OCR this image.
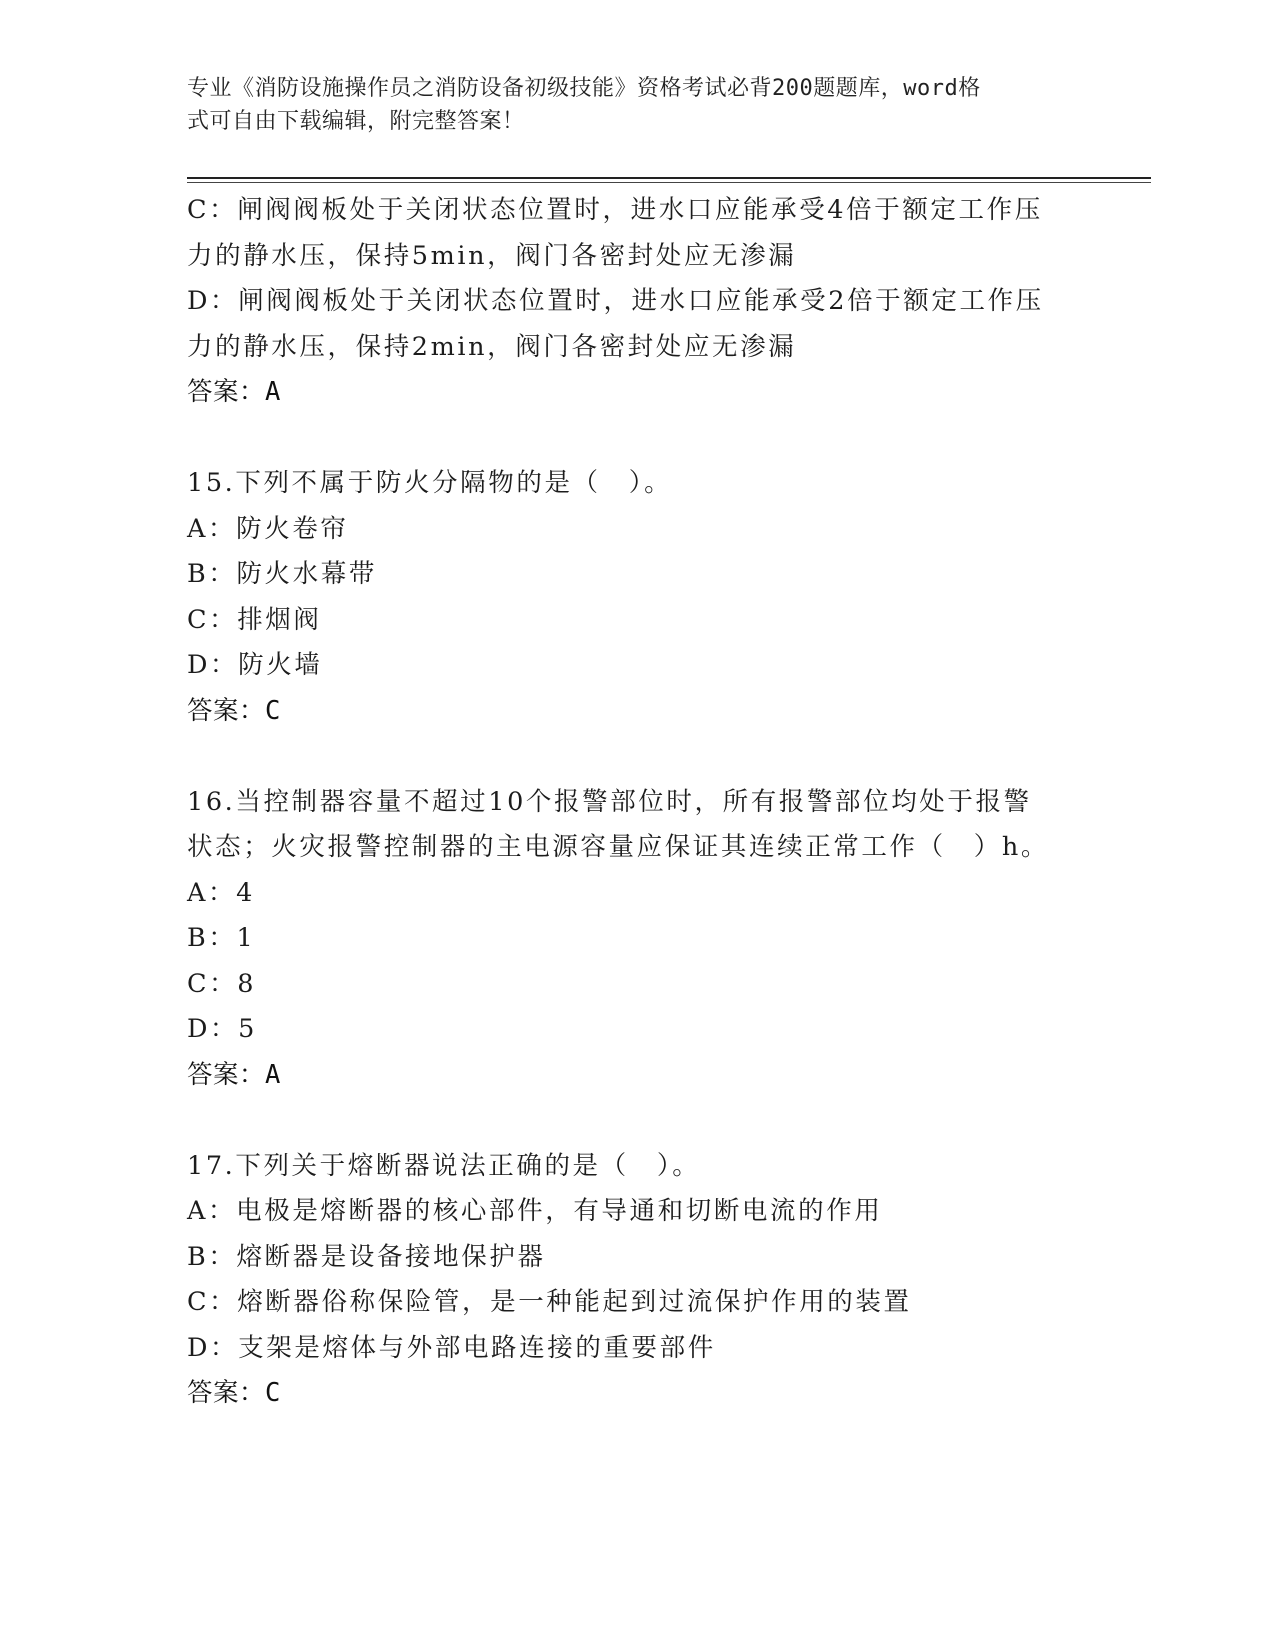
专业《消防设施操作员之消防设备初级技能》资格考试必背200题题库，word格
式可自由下载编辑，附完整答案！
C：闸阀阀板处于关闭状态位置时，进水口应能承受4倍于额定工作压
力的静水压，保持5min，阀门各密封处应无渗漏
D：闸阀阀板处于关闭状态位置时，进水口应能承受2倍于额定工作压
力的静水压，保持2min，阀门各密封处应无渗漏
答案：A
15.下列不属于防火分隔物的是（　）。
A：防火卷帘
B：防火水幕带
C：排烟阀
D：防火墙
答案：C
16.当控制器容量不超过10个报警部位时，所有报警部位均处于报警
状态；火灾报警控制器的主电源容量应保证其连续正常工作（　）h。
A：4
B：1
C：8
D：5
答案：A
17.下列关于熔断器说法正确的是（　）。
A：电极是熔断器的核心部件，有导通和切断电流的作用
B：熔断器是设备接地保护器
C：熔断器俗称保险管，是一种能起到过流保护作用的装置
D：支架是熔体与外部电路连接的重要部件
答案：C
